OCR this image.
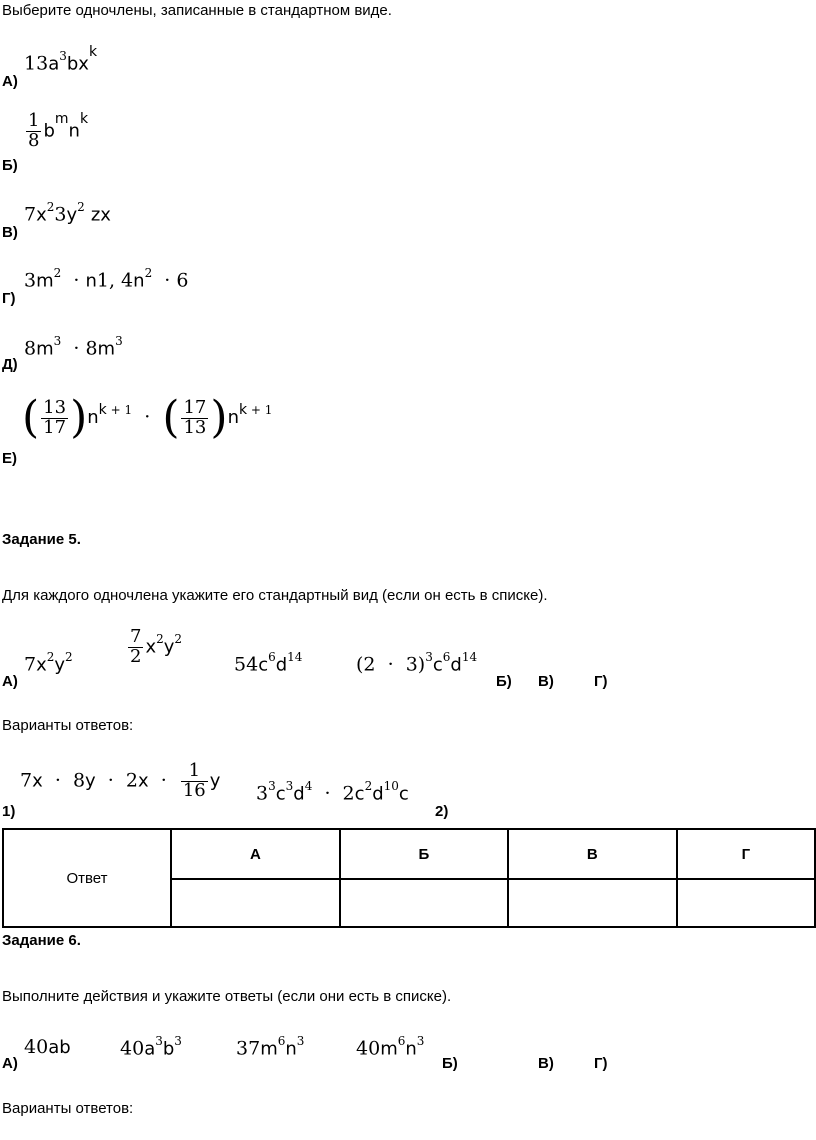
Выберите одночлены, записанные в стандартном виде.
$13a^3bx^k$
А)
$\frac{1}{8} b^mn^k$
Б)
$7x^23y^2$ zx
В)
$3m^2 \cdot n1$, $4n^2 \cdot 6$
Г)
$8m^3 \cdot 8m^3$
Д)
( $\frac{13}{17} )n^{k + 1}$  ·  ( $\frac{17}{13} )n^{k + 1}$
Е)
Задание 5.
Для каждого одночлена укажите его стандартный вид (если он есть в списке).
$7x^2y^2$	$\frac{7}{2} x^2y^2$
$54c^6d^{14}$	$(2 \cdot 3)^3c^6d^{14}$
А)	Б) В)	Г)
Варианты ответов:
$7x \cdot 8y \cdot 2x \cdot \frac{1}{16}$ y
$3^3c^3d^4 \cdot 2c^2d^{10}c$
1)	2)
Ответ	А	Б	В	Г

Задание 6.
Выполните действия и укажите ответы (если они есть в списке).
40ab	$40a^3b^3$	$37m^6n^3$	$40m^6n^3$
А)	Б)	В)	Г)
Варианты ответов:
